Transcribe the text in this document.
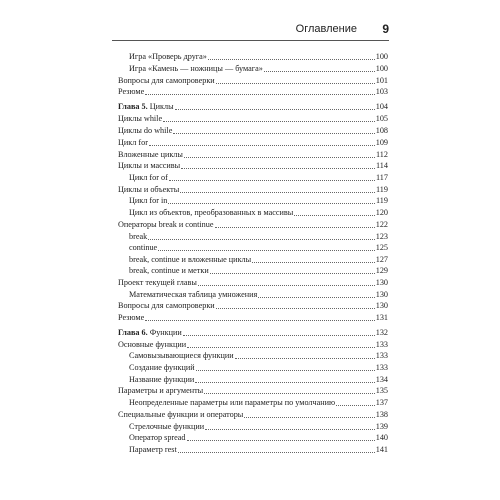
Оглавление 9
Игра «Проверь друга»	100
Игра «Камень — ножницы — бумага»	100
Вопросы для самопроверки	101
Резюме	103
Глава 5. Циклы	104
Циклы while	105
Циклы do while	108
Цикл for	109
Вложенные циклы	112
Циклы и массивы	114
Цикл for of	117
Циклы и объекты	119
Цикл for in	119
Цикл из объектов, преобразованных в массивы	120
Операторы break и continue	122
break	123
continue	125
break, continue и вложенные циклы	127
break, continue и метки	129
Проект текущей главы	130
Математическая таблица умножения	130
Вопросы для самопроверки	130
Резюме	131
Глава 6. Функции	132
Основные функции	133
Самовызывающиеся функции	133
Создание функций	133
Название функции	134
Параметры и аргументы	135
Неопределенные параметры или параметры по умолчанию	137
Специальные функции и операторы	138
Стрелочные функции	139
Оператор spread	140
Параметр rest	141
